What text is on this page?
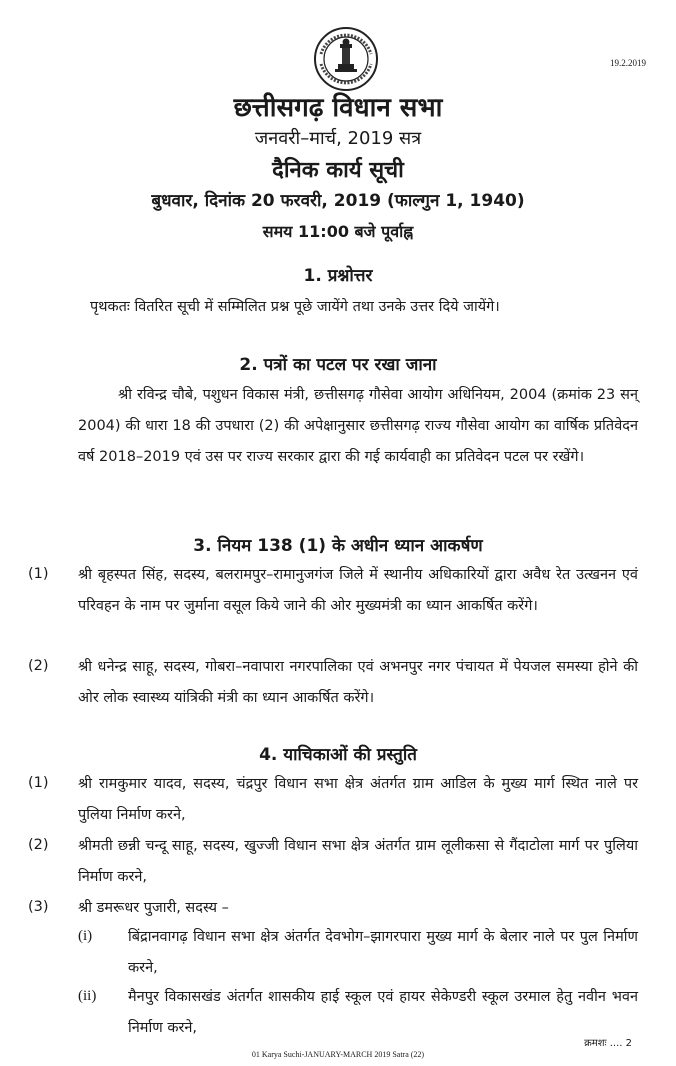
19.2.2019
छत्तीसगढ़ विधान सभा
जनवरी–मार्च, 2019 सत्र
दैनिक कार्य सूची
बुधवार, दिनांक 20 फरवरी, 2019 (फाल्गुन 1, 1940)
समय 11:00 बजे पूर्वाह्न
1. प्रश्नोत्तर
पृथकतः वितरित सूची में सम्मिलित प्रश्न पूछे जायेंगे तथा उनके उत्तर दिये जायेंगे।
2. पत्रों का पटल पर रखा जाना
श्री रविन्द्र चौबे, पशुधन विकास मंत्री, छत्तीसगढ़ गौसेवा आयोग अधिनियम, 2004 (क्रमांक 23 सन् 2004) की धारा 18 की उपधारा (2) की अपेक्षानुसार छत्तीसगढ़ राज्य गौसेवा आयोग का वार्षिक प्रतिवेदन वर्ष 2018–2019 एवं उस पर राज्य सरकार द्वारा की गई कार्यवाही का प्रतिवेदन पटल पर रखेंगे।
3. नियम 138 (1) के अधीन ध्यान आकर्षण
(1) श्री बृहस्पत सिंह, सदस्य, बलरामपुर–रामानुजगंज जिले में स्थानीय अधिकारियों द्वारा अवैध रेत उत्खनन एवं परिवहन के नाम पर जुर्माना वसूल किये जाने की ओर मुख्यमंत्री का ध्यान आकर्षित करेंगे।
(2) श्री धनेन्द्र साहू, सदस्य, गोबरा–नवापारा नगरपालिका एवं अभनपुर नगर पंचायत में पेयजल समस्या होने की ओर लोक स्वास्थ्य यांत्रिकी मंत्री का ध्यान आकर्षित करेंगे।
4. याचिकाओं की प्रस्तुति
(1) श्री रामकुमार यादव, सदस्य, चंद्रपुर विधान सभा क्षेत्र अंतर्गत ग्राम आडिल के मुख्य मार्ग स्थित नाले पर पुलिया निर्माण करने,
(2) श्रीमती छन्नी चन्दू साहू, सदस्य, खुज्जी विधान सभा क्षेत्र अंतर्गत ग्राम लूलीकसा से गैंदाटोला मार्ग पर पुलिया निर्माण करने,
(3) श्री डमरूधर पुजारी, सदस्य –
(i) बिंद्रानवागढ़ विधान सभा क्षेत्र अंतर्गत देवभोग–झागरपारा मुख्य मार्ग के बेलार नाले पर पुल निर्माण करने,
(ii) मैनपुर विकासखंड अंतर्गत शासकीय हाई स्कूल एवं हायर सेकेण्डरी स्कूल उरमाल हेतु नवीन भवन निर्माण करने,
क्रमशः .... 2
01 Karya Suchi-JANUARY-MARCH 2019 Satra (22)
